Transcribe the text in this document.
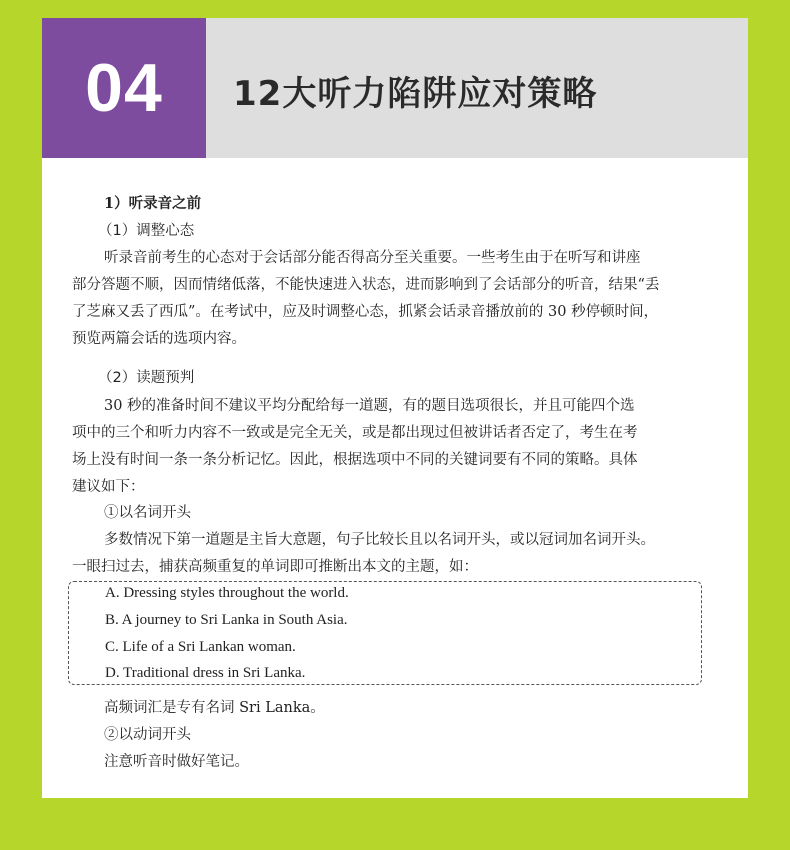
04 12大听力陷阱应对策略
1）听录音之前
（1）调整心态
听录音前考生的心态对于会话部分能否得高分至关重要。一些考生由于在听写和讲座
部分答题不顺，因而情绪低落，不能快速进入状态，进而影响到了会话部分的听音，结果“丢
了芝麻又丢了西瓜”。在考试中，应及时调整心态，抓紧会话录音播放前的 30 秒停顿时间，
预览两篇会话的选项内容。
（2）读题预判
30 秒的准备时间不建议平均分配给每一道题，有的题目选项很长，并且可能四个选
项中的三个和听力内容不一致或是完全无关，或是都出现过但被讲话者否定了，考生在考
场上没有时间一条一条分析记忆。因此，根据选项中不同的关键词要有不同的策略。具体
建议如下：
①以名词开头
多数情况下第一道题是主旨大意题，句子比较长且以名词开头，或以冠词加名词开头。
一眼扫过去，捕获高频重复的单词即可推断出本文的主题，如：
A. Dressing styles throughout the world.
B. A journey to Sri Lanka in South Asia.
C. Life of a Sri Lankan woman.
D. Traditional dress in Sri Lanka.
高频词汇是专有名词 Sri Lanka。
②以动词开头
注意听音时做好笔记。
